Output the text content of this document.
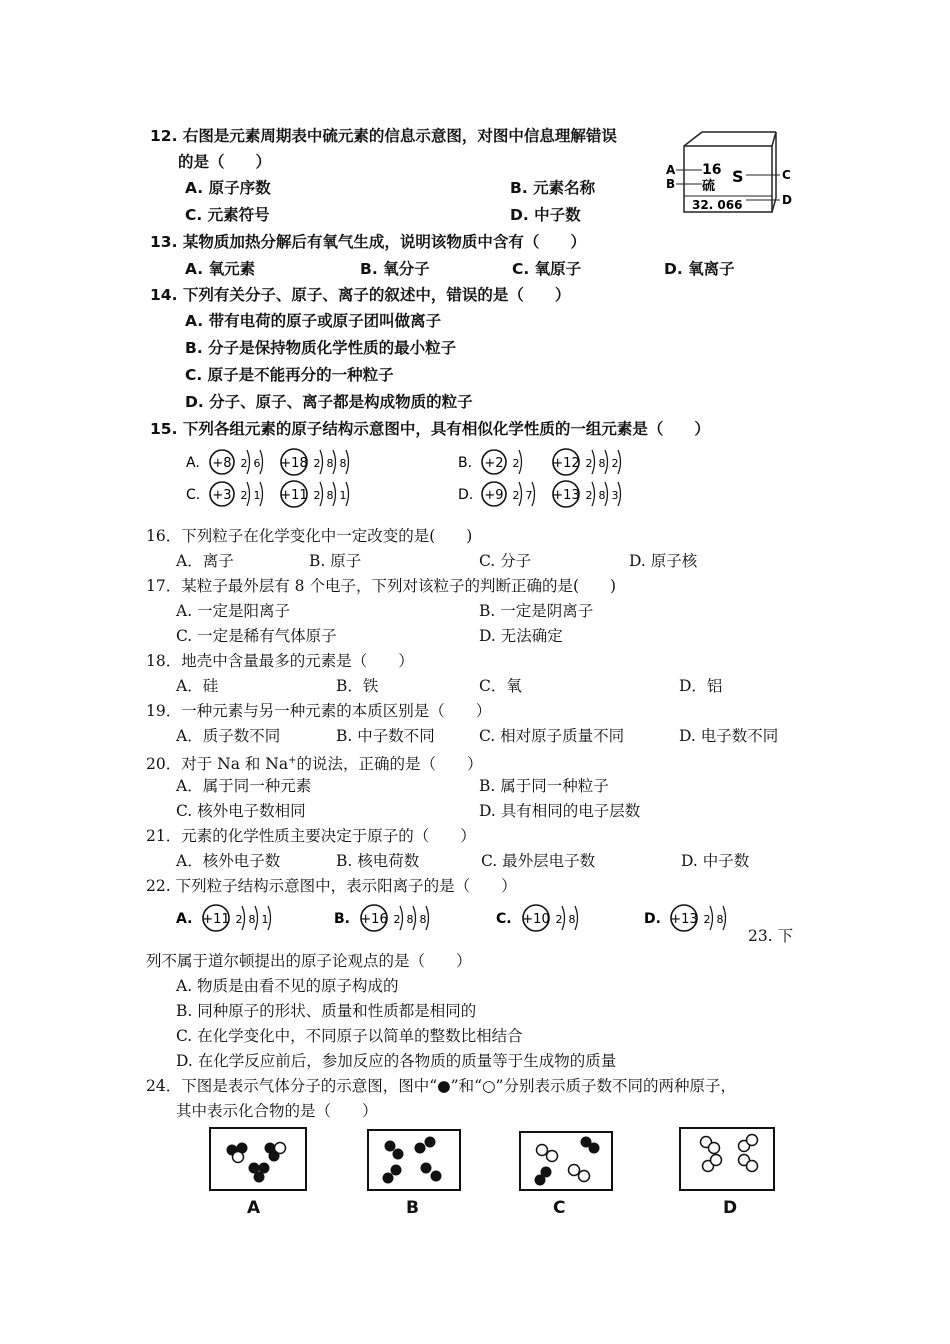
12. 右图是元素周期表中硫元素的信息示意图，对图中信息理解错误
的是（　　）
A. 原子序数	B. 元素名称
C. 元素符号	D. 中子数
16
硫
S
32. 066
A
B
C
D
13. 某物质加热分解后有氧气生成，说明该物质中含有（　　）
A. 氧元素	B. 氧分子	C. 氧原子	D. 氧离子
14. 下列有关分子、原子、离子的叙述中，错误的是（　　）
A. 带有电荷的原子或原子团叫做离子
B. 分子是保持物质化学性质的最小粒子
C. 原子是不能再分的一种粒子
D. 分子、原子、离子都是构成物质的粒子
15. 下列各组元素的原子结构示意图中，具有相似化学性质的一组元素是（　　）
A. +8 2 6 +18 2 8 8	B. +2 2	+12 2 8 2
C. +3 2 1 +11 2 8 1	D. +9 2 7 +13 2 8 3
16．下列粒子在化学变化中一定改变的是(　　)
A．离子	B. 原子	C. 分子	D. 原子核
17．某粒子最外层有 8 个电子，下列对该粒子的判断正确的是(　　)
A. 一定是阳离子	B. 一定是阴离子
C. 一定是稀有气体原子	D. 无法确定
18．地壳中含量最多的元素是（　　）
A．硅	B．铁	C．氧	D．铝
19．一种元素与另一种元素的本质区别是（　　）
A．质子数不同	B. 中子数不同	C. 相对原子质量不同	D. 电子数不同
20．对于 Na 和 Na+的说法，正确的是（　　）
A．属于同一种元素	B. 属于同一种粒子
C. 核外电子数相同	D. 具有相同的电子层数
21．元素的化学性质主要决定于原子的（　　）
A．核外电子数	B. 核电荷数	C. 最外层电子数	D. 中子数
22. 下列粒子结构示意图中，表示阳离子的是（　　）
A. +11 2 8 1	B. +16 2 8 8	C. +10 2 8	D. +13 2 8
23. 下
列不属于道尔顿提出的原子论观点的是（　　）
A. 物质是由看不见的原子构成的
B. 同种原子的形状、质量和性质都是相同的
C. 在化学变化中，不同原子以简单的整数比相结合
D. 在化学反应前后，参加反应的各物质的质量等于生成物的质量
24．下图是表示气体分子的示意图，图中“●”和“○”分别表示质子数不同的两种原子，
其中表示化合物的是（　　）
A	B	C	D
